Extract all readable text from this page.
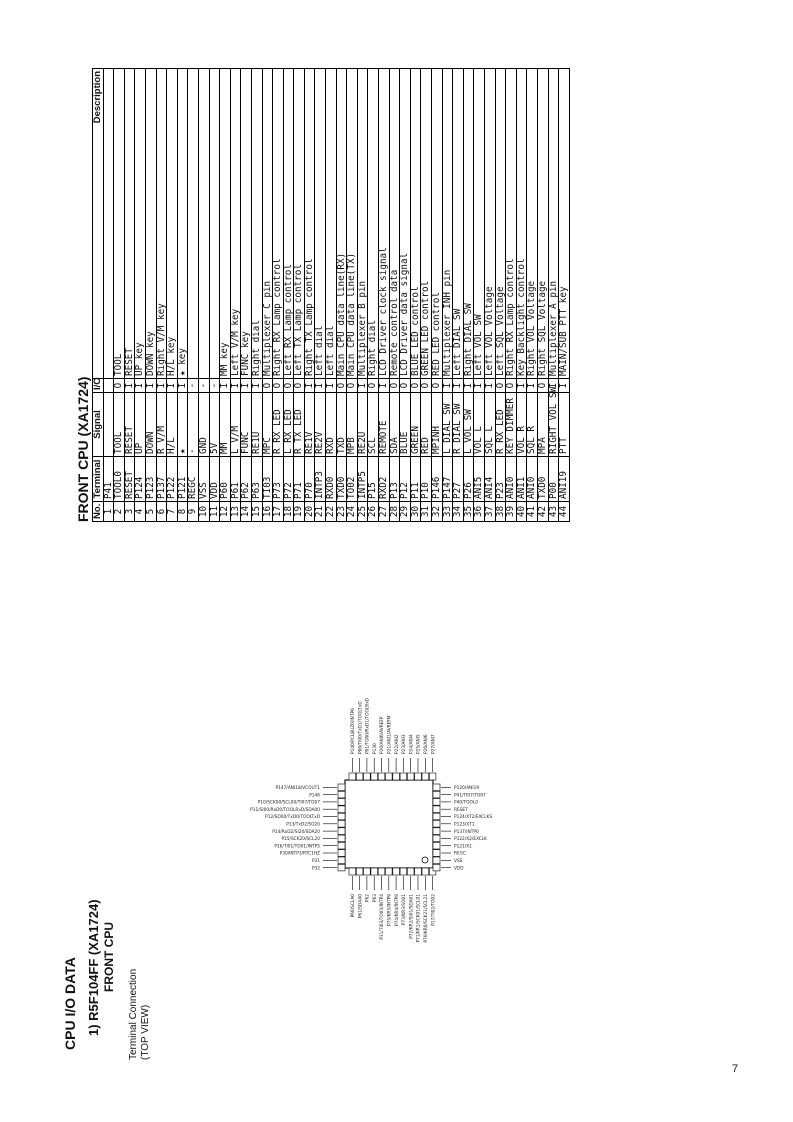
CPU I/O DATA 1) R5F104FF (XA1724) FRONT CPU
Terminal Connection (TOP VIEW)
P140/PCLBUZ0/INTP6 P00/TI00/TxD1/TOOLTxD P01/TO00/RxD1/TOOLRxD P130 P20/ANI0/AVREFP P21/ANI1/AVREFM P22/ANI2 P23/ANI3 P24/ANI4 P25/ANI5 P26/ANI6 P27/ANI7
P60/SCLA0 P61/SDAA0 P62 P63 P31/TI03/TO03/INTP4 P75/KR5/INTP9 P74/KR4/INTP8 P73/KR3/SO01 P72/KR2/SI01/SDA01 P71/KR1/SCK01/SCL01 P70/KR0/SCK21/SCL21 P17/TI02/TO02
P147/ANI18/VCOUT1
P146
P10/SCK00/SCL00/TI07/TO07
P11/SI00/RxD0/TOOLRxD/SDA00
P12/SO00/TxD0/TOOLTxD
P13/TxD2/SO20
P14/RxD2/SI20/SDA20
P15/SCK20/SCL20
P16/TI01/TO01/INTP5
P30/INTP3/RTC1HZ
P31
P32
P120/ANI19
P41/TI07/TO07
P40/TOOL0
RESET
P124/XT2/EXCLKS
P123/XT1
P137/INTP0
P122/X2/EXCLK
P121/X1
REGC
VSS
VDD
FRONT CPU (XA1724) No.	Terminal	Signal	I/O	Description
1	P41			
2	TOOL0	TOOL	O	TOOL
3	RESET	RESET	I	RESET
4	P124	UP	I	UP key
5	P123	DOWN	I	DOWN key
6	P137	R V/M	I	Right V/M key
7	P122	H/L	I	H/L key
8	P121	★	I	★ key
9	REGC	-	-	
10	VSS	GND	-	
11	VDD	5V	-	
12	P60	MM	I	MM key
13	P61	L V/M	I	Left V/M key
14	P62	FUNC	I	FUNC key
15	P63	RE1U	I	Right dial
16	TI03	MPC	O	Multiplexer C pin
17	P73	R RX LED	O	Right RX Lamp control
18	P72	L RX LED	O	Left RX Lamp control
19	P71	R TX LED	O	Left TX Lamp control
20	P70	RE1V	I	Right TX Lamp control
21	INTP3	RE2V	I	Left dial
22	RXD0	RXD	I	Left dial
23	TXD0	TXD	O	Main CPU data line(RX)
24	TO02	MPB	O	Main CPU data line(TX)
25	INTP5	RE2U	I	Multiplexer B pin
26	P15	SCL	O	Right dial
27	RXD2	REMOTE	I	LCD Driver clock signal
28	P13	SDA	O	Remote control data
29	P12	BLUE	O	LCD Driver data signal
30	P11	GREEN	O	BLUE LED control
31	P10	RED	O	GREEN LED control
32	P146	MPINH	O	RED LED control
33	P147	L DIAL SW	I	Multiplexer INH pin
34	P27	R DIAL SW	I	Left DIAL SW
35	P26	L VOL SW	I	Right DIAL SW
36	ANI5	VOL L	I	Left VOL SW
37	ANI4	SQL L	I	Left VOL Voltage
38	P23	R RX LED	O	Left SQL Voltage
39	ANI0	KEY DIMMER	O	Right RX Lamp control
40	ANI1	VOL R	I	Key Backlight control
41	ANI0	SQL R	I	Right VOL Voltage
42	TXD0	MPA	O	Right SQL Voltage
43	P00	RIGHT VOL SW	I	Multiplexer A pin
44	ANI19	PTT	I	MAIN/SUB PTT key
7
